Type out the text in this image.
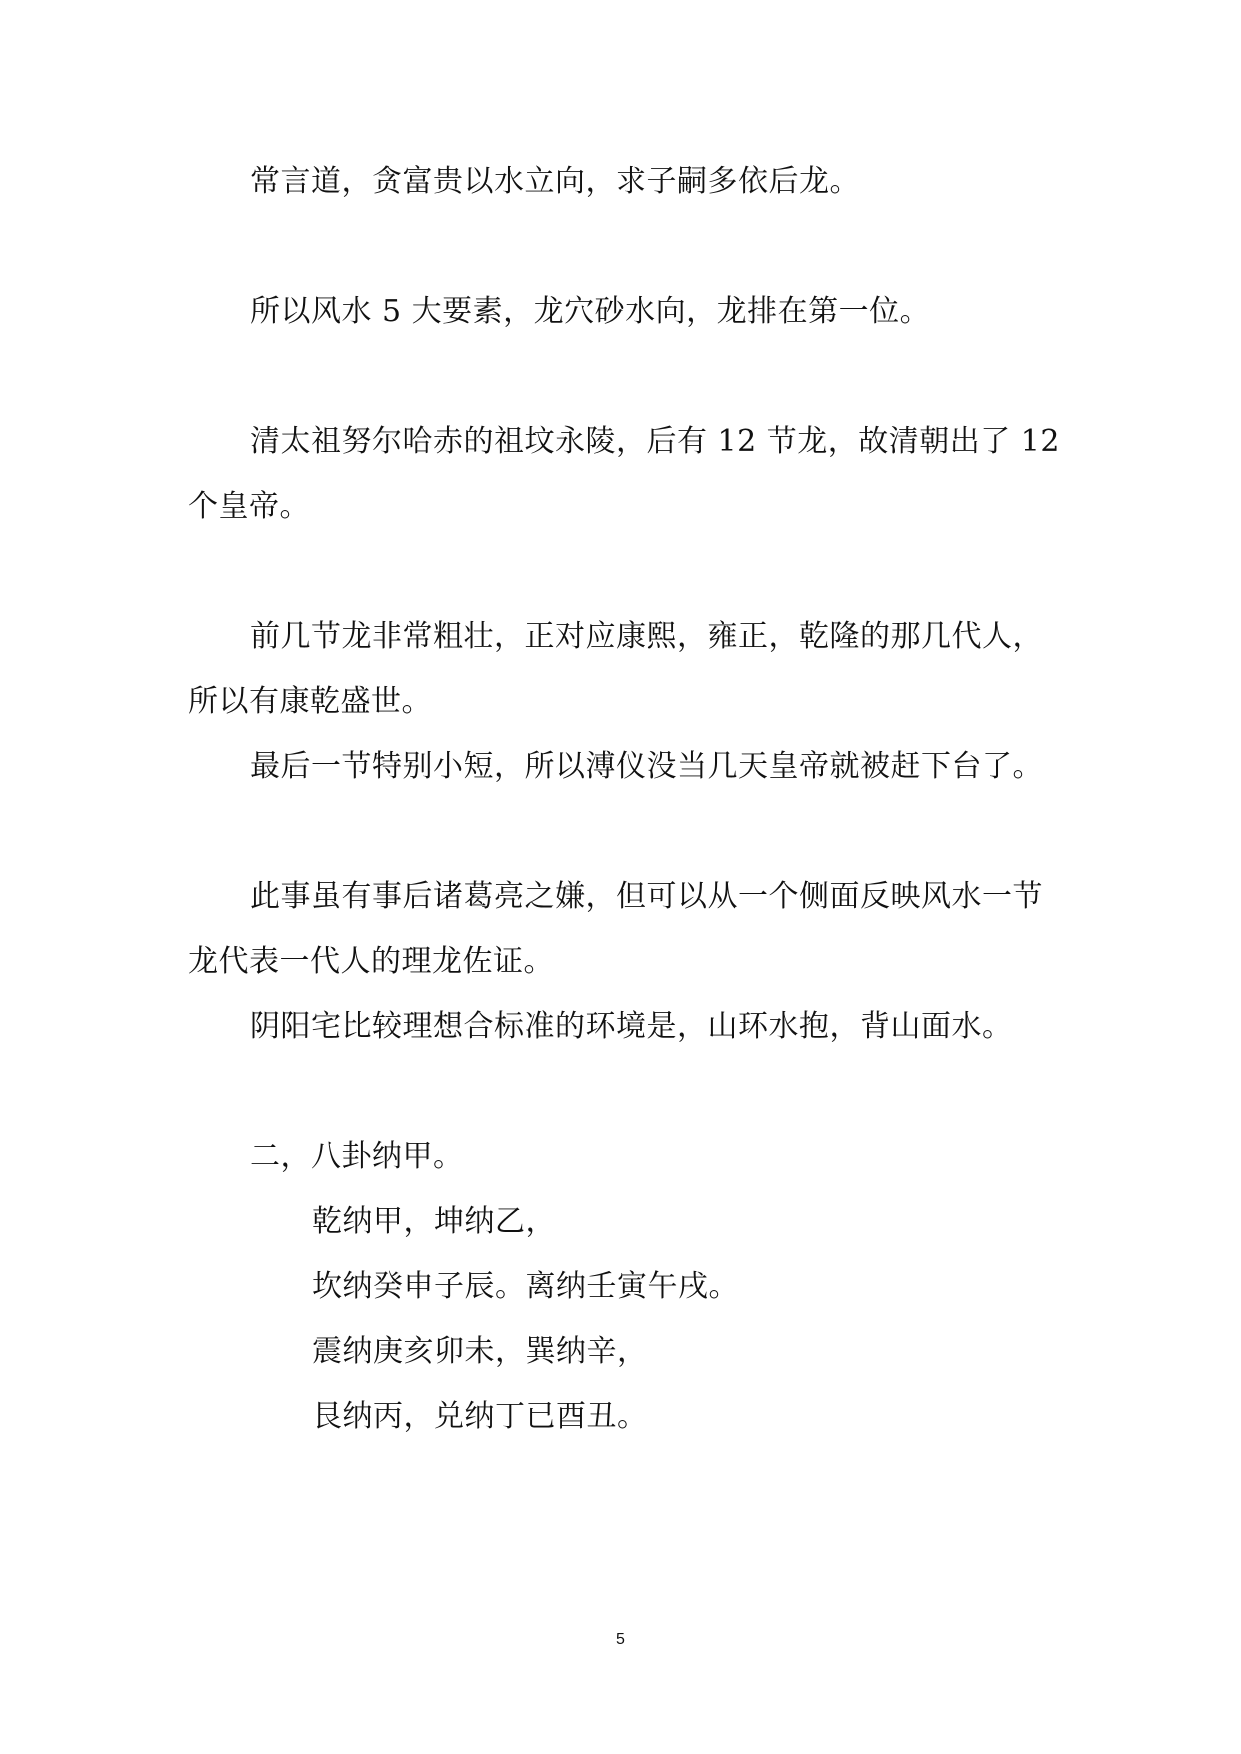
常言道，贪富贵以水立向，求子嗣多依后龙。
所以风水 5 大要素，龙穴砂水向，龙排在第一位。
清太祖努尔哈赤的祖坟永陵，后有 12 节龙，故清朝出了 12
个皇帝。
前几节龙非常粗壮，正对应康熙，雍正，乾隆的那几代人，
所以有康乾盛世。
最后一节特别小短，所以溥仪没当几天皇帝就被赶下台了。
此事虽有事后诸葛亮之嫌，但可以从一个侧面反映风水一节
龙代表一代人的理龙佐证。
阴阳宅比较理想合标准的环境是，山环水抱，背山面水。
二，八卦纳甲。
乾纳甲，坤纳乙，
坎纳癸申子辰。离纳壬寅午戌。
震纳庚亥卯未，巽纳辛，
艮纳丙，兑纳丁已酉丑。
5
